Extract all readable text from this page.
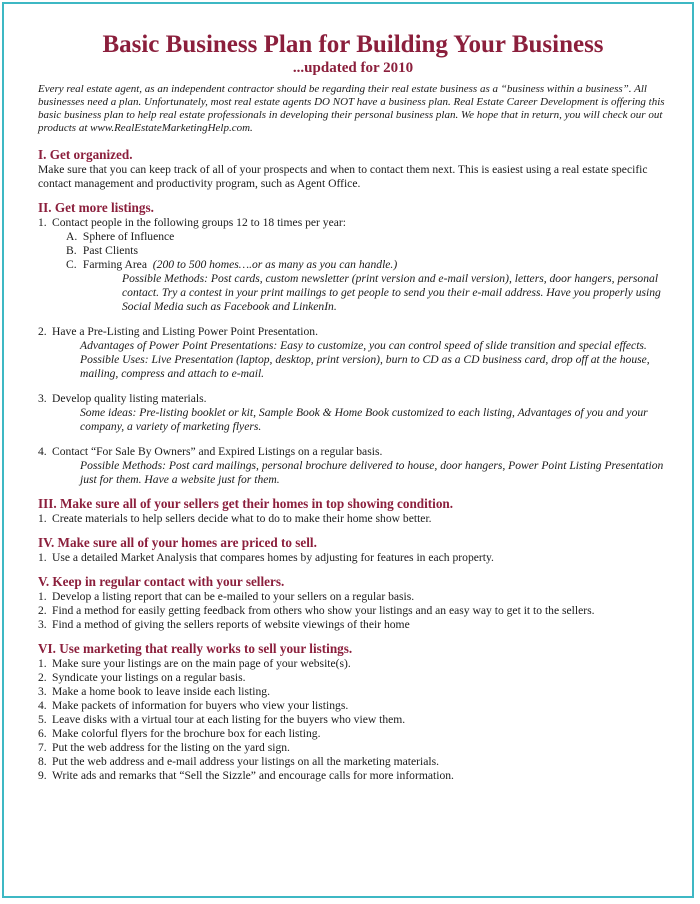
Basic Business Plan for Building Your Business
...updated for 2010
Every real estate agent, as an independent contractor should be regarding their real estate business as a “business within a business”. All businesses need a plan. Unfortunately, most real estate agents DO NOT have a business plan. Real Estate Career Development is offering this basic business plan to help real estate professionals in developing their personal business plan. We hope that in return, you will check our out products at www.RealEstateMarketingHelp.com.
I. Get organized.
Make sure that you can keep track of all of your prospects and when to contact them next. This is easiest using a real estate specific contact management and productivity program, such as Agent Office.
II. Get more listings.
1. Contact people in the following groups 12 to 18 times per year:
A. Sphere of Influence
B. Past Clients
C. Farming Area (200 to 500 homes….or as many as you can handle.)
Possible Methods: Post cards, custom newsletter (print version and e-mail version), letters, door hangers, personal contact. Try a contest in your print mailings to get people to send you their e-mail address. Have you properly using Social Media such as Facebook and LinkenIn.
2. Have a Pre-Listing and Listing Power Point Presentation.
Advantages of Power Point Presentations: Easy to customize, you can control speed of slide transition and special effects.
Possible Uses: Live Presentation (laptop, desktop, print version), burn to CD as a CD business card, drop off at the house, mailing, compress and attach to e-mail.
3. Develop quality listing materials.
Some ideas: Pre-listing booklet or kit, Sample Book & Home Book customized to each listing, Advantages of you and your company, a variety of marketing flyers.
4. Contact “For Sale By Owners” and Expired Listings on a regular basis.
Possible Methods: Post card mailings, personal brochure delivered to house, door hangers, Power Point Listing Presentation just for them. Have a website just for them.
III. Make sure all of your sellers get their homes in top showing condition.
1. Create materials to help sellers decide what to do to make their home show better.
IV. Make sure all of your homes are priced to sell.
1. Use a detailed Market Analysis that compares homes by adjusting for features in each property.
V. Keep in regular contact with your sellers.
1. Develop a listing report that can be e-mailed to your sellers on a regular basis.
2. Find a method for easily getting feedback from others who show your listings and an easy way to get it to the sellers.
3. Find a method of giving the sellers reports of website viewings of their home
VI. Use marketing that really works to sell your listings.
1. Make sure your listings are on the main page of your website(s).
2. Syndicate your listings on a regular basis.
3. Make a home book to leave inside each listing.
4. Make packets of information for buyers who view your listings.
5. Leave disks with a virtual tour at each listing for the buyers who view them.
6. Make colorful flyers for the brochure box for each listing.
7. Put the web address for the listing on the yard sign.
8. Put the web address and e-mail address your listings on all the marketing materials.
9. Write ads and remarks that “Sell the Sizzle” and encourage calls for more information.
